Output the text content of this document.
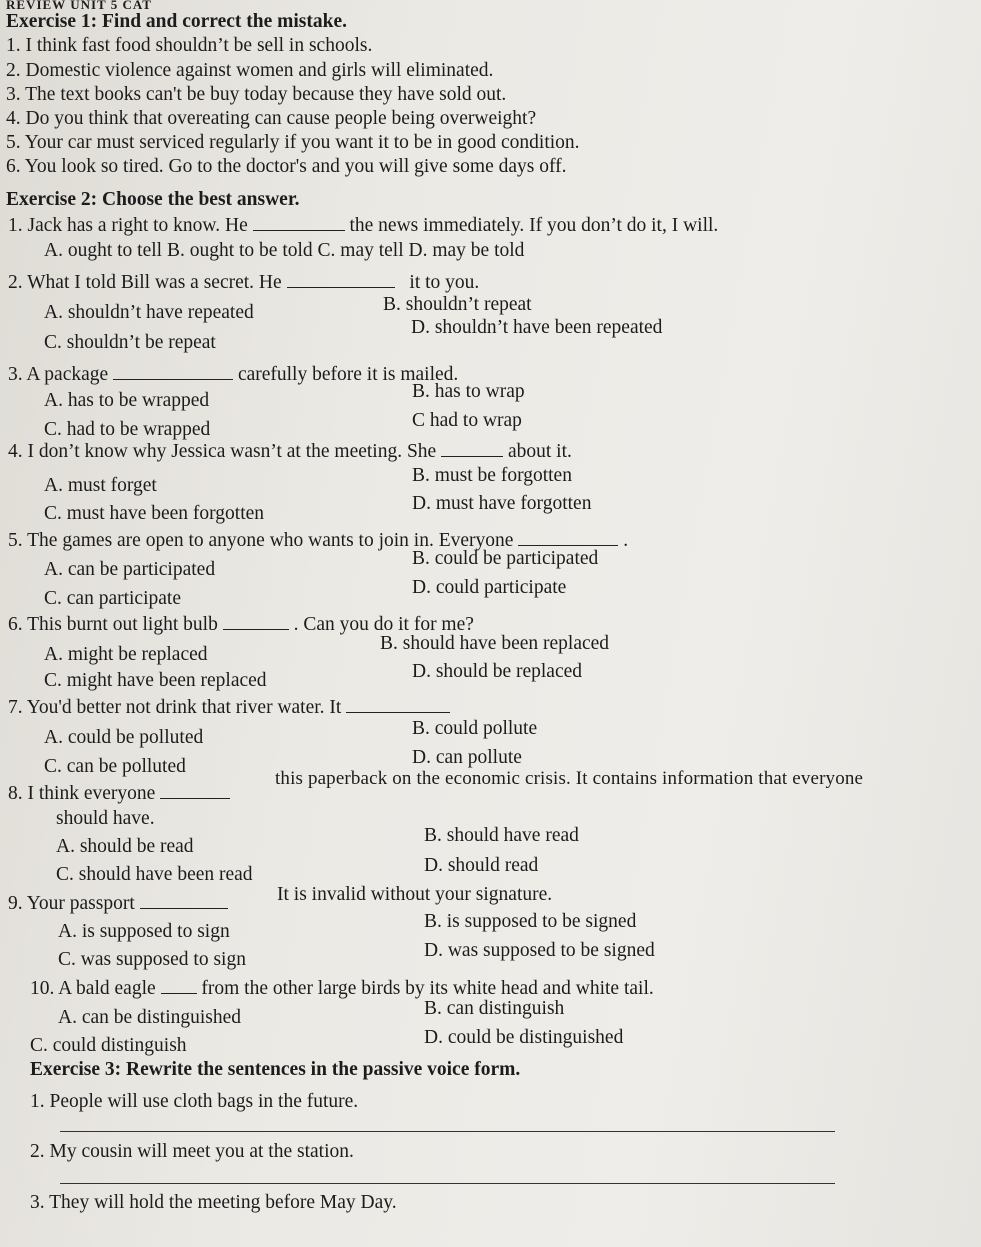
REVIEW UNIT 5 CAT
Exercise 1: Find and correct the mistake.
1. I think fast food shouldn’t be sell in schools.
2. Domestic violence against women and girls will eliminated.
3. The text books can't be buy today because they have sold out.
4. Do you think that overeating can cause people being overweight?
5. Your car must serviced regularly if you want it to be in good condition.
6. You look so tired. Go to the doctor's and you will give some days off.
Exercise 2: Choose the best answer.
1. Jack has a right to know. He	the news immediately. If you don’t do it, I will.
A. ought to tell B. ought to be told C. may tell D. may be told
2. What I told Bill was a secret. He	it to you.
A. shouldn’t have repeated	B. shouldn’t repeat
C. shouldn’t be repeat
D. shouldn’t have been repeated
3. A package	carefully before it is mailed.
A. has to be wrapped	B. has to wrap
C. had to be wrapped	C had to wrap
4. I don’t know why Jessica wasn’t at the meeting. She	about it.
A. must forget	B. must be forgotten
C. must have been forgotten	D. must have forgotten
5. The games are open to anyone who wants to join in. Everyone	.
A. can be participated
B. could be participated
C. can participate
D. could participate
6. This burnt out light bulb	. Can you do it for me?
A. might be replaced
B. should have been replaced
C. might have been replaced	D. should be replaced
7. You'd better not drink that river water. It
A. could be polluted	B. could pollute
C. can be polluted	D. can pollute
8. I think everyone
this paperback on the economic crisis. It contains information that everyone
should have.
A. should be read
B. should have read
C. should have been read	D. should read
9. Your passport	It is invalid without your signature.
A. is supposed to sign	B. is supposed to be signed
C. was supposed to sign	D. was supposed to be signed
10. A bald eagle from the other large birds by its white head and white tail.
A. can be distinguished	B. can distinguish
C. could distinguish	D. could be distinguished
Exercise 3: Rewrite the sentences in the passive voice form.
1. People will use cloth bags in the future.
2. My cousin will meet you at the station.
3. They will hold the meeting before May Day.
